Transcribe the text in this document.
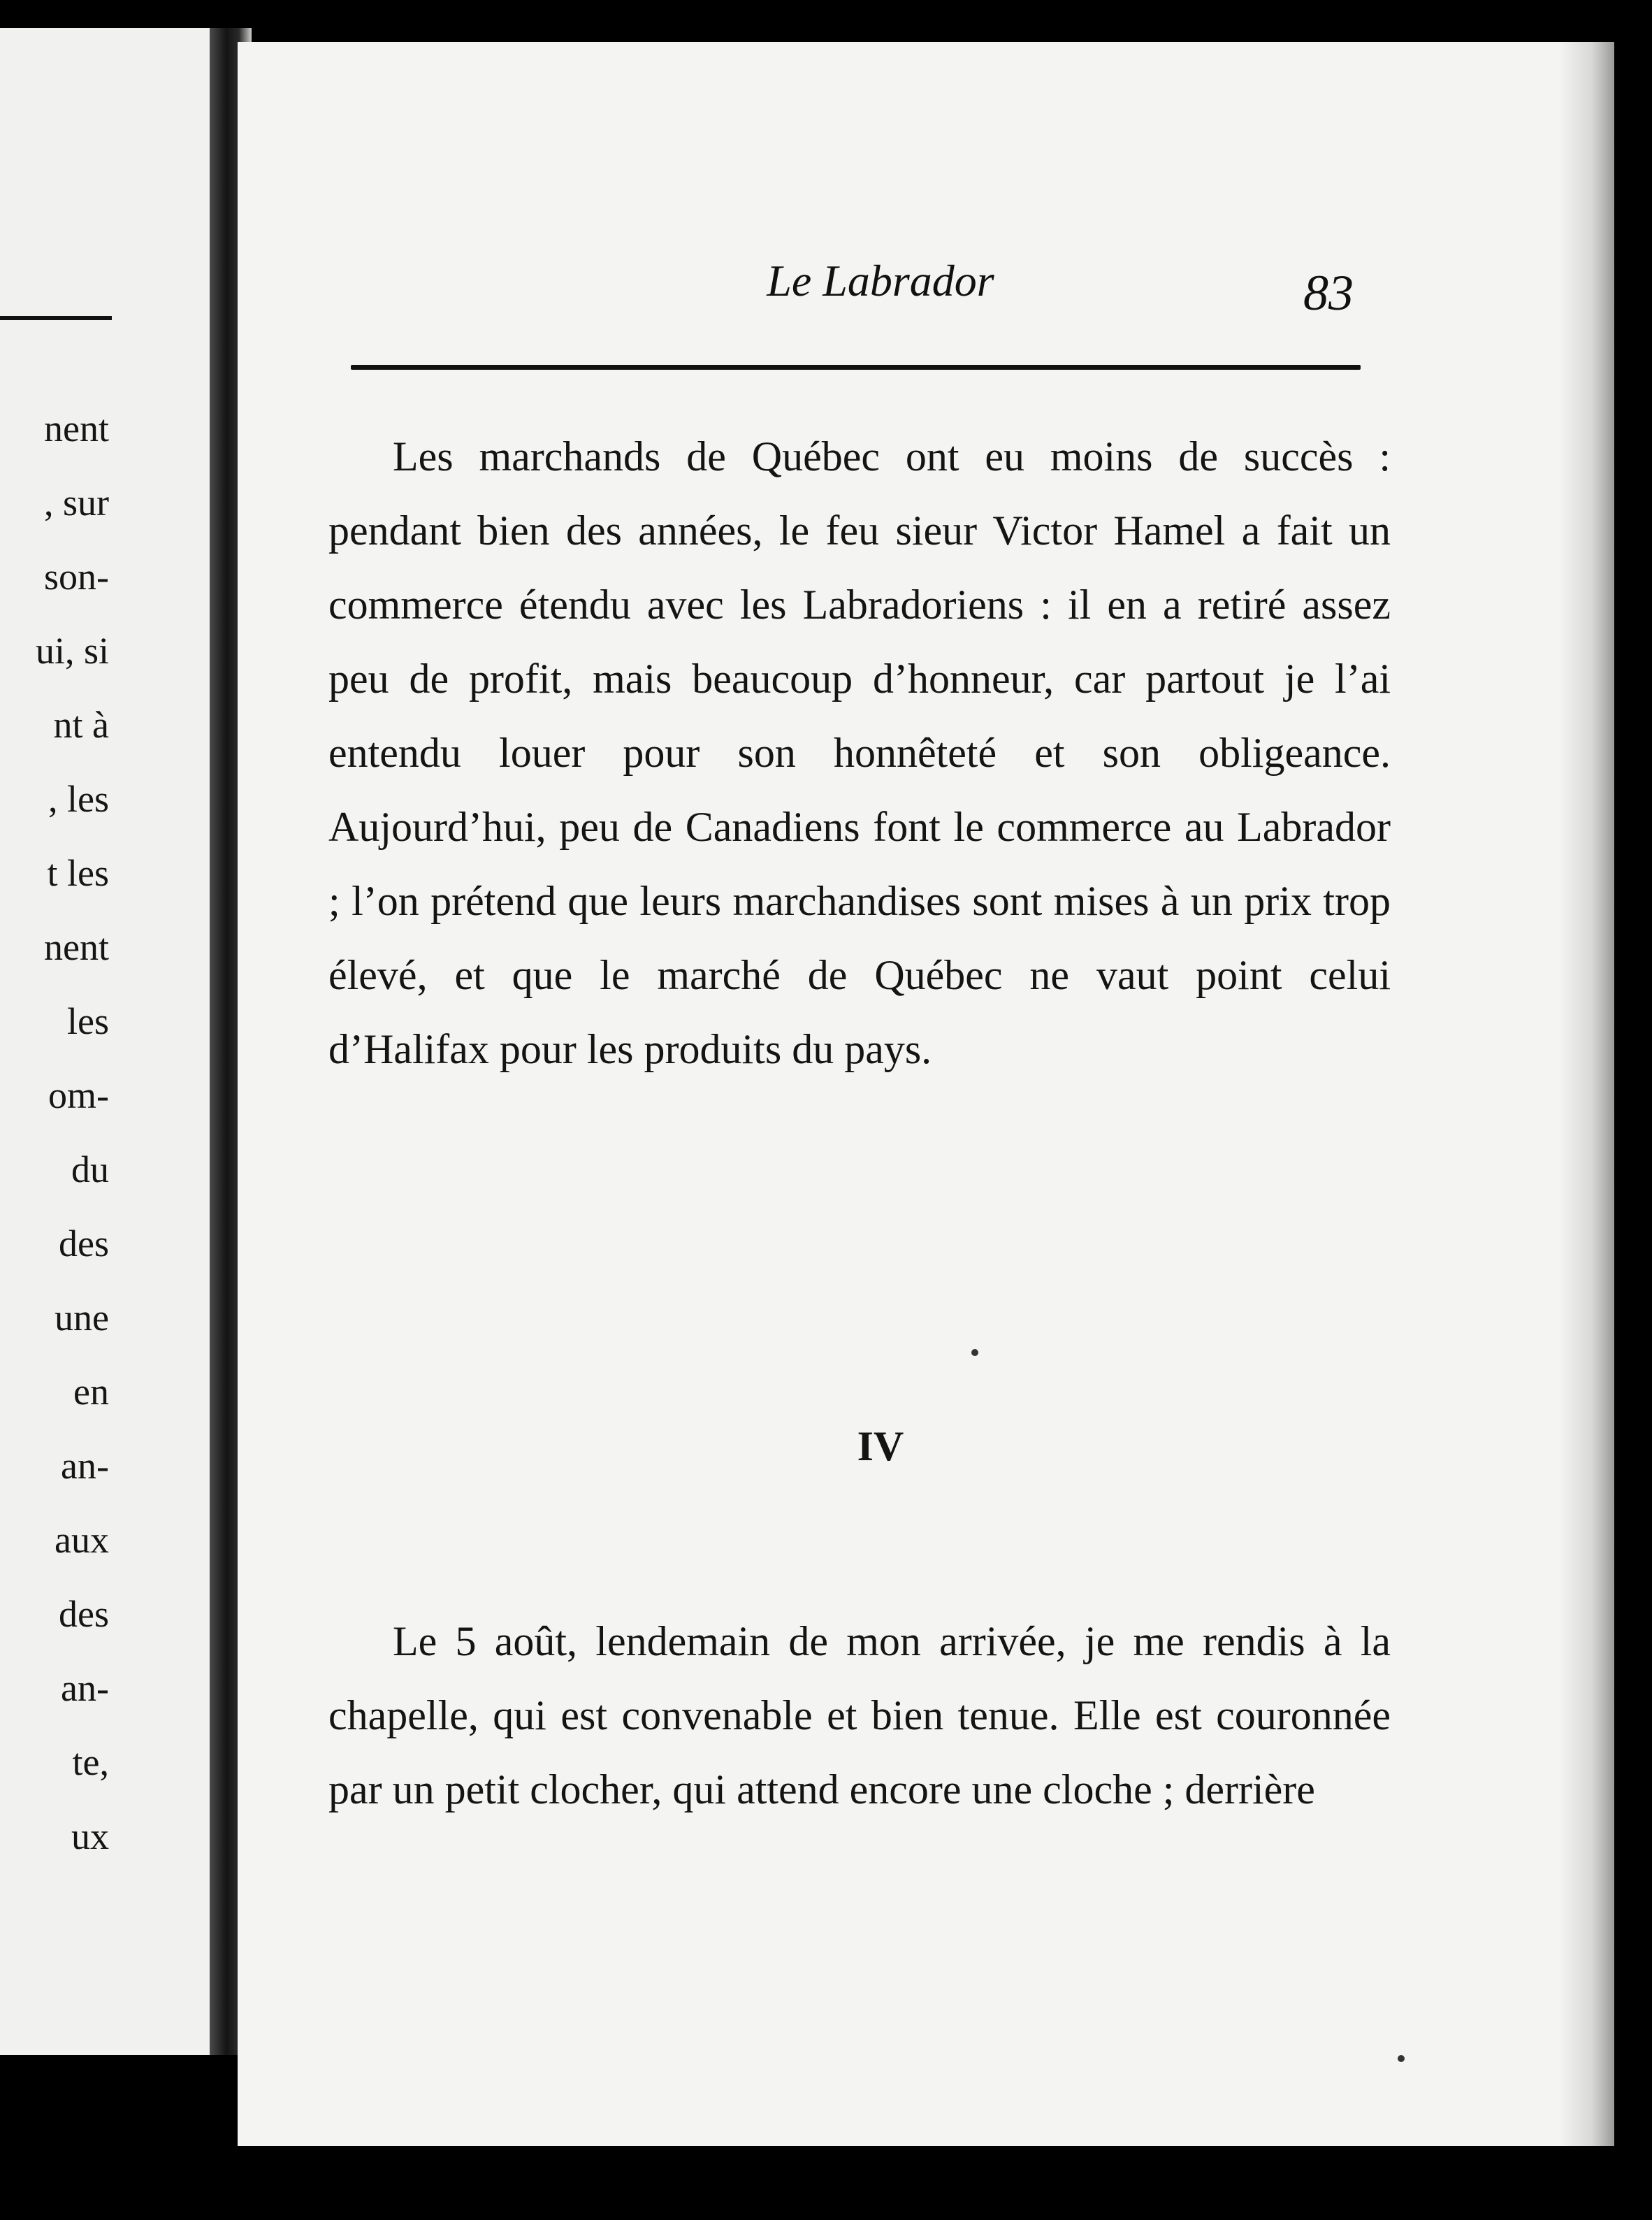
nent
, sur
son-
ui, si
nt à
, les
t les
nent
les
om-
du
des
une
en
an-
aux
des
an-
te,
ux
Le Labrador	83

Les marchands de Québec ont eu moins de succès : pendant bien des années, le feu sieur Victor Hamel a fait un commerce étendu avec les Labradoriens : il en a retiré assez peu de profit, mais beaucoup d’honneur, car partout je l’ai entendu louer pour son honnêteté et son obligeance. Aujourd’hui, peu de Canadiens font le commerce au Labrador ; l’on prétend que leurs marchandises sont mises à un prix trop élevé, et que le marché de Québec ne vaut point celui d’Halifax pour les produits du pays.

IV

Le 5 août, lendemain de mon arrivée, je me rendis à la chapelle, qui est convenable et bien tenue. Elle est couronnée par un petit clocher, qui attend encore une cloche ; derrière
